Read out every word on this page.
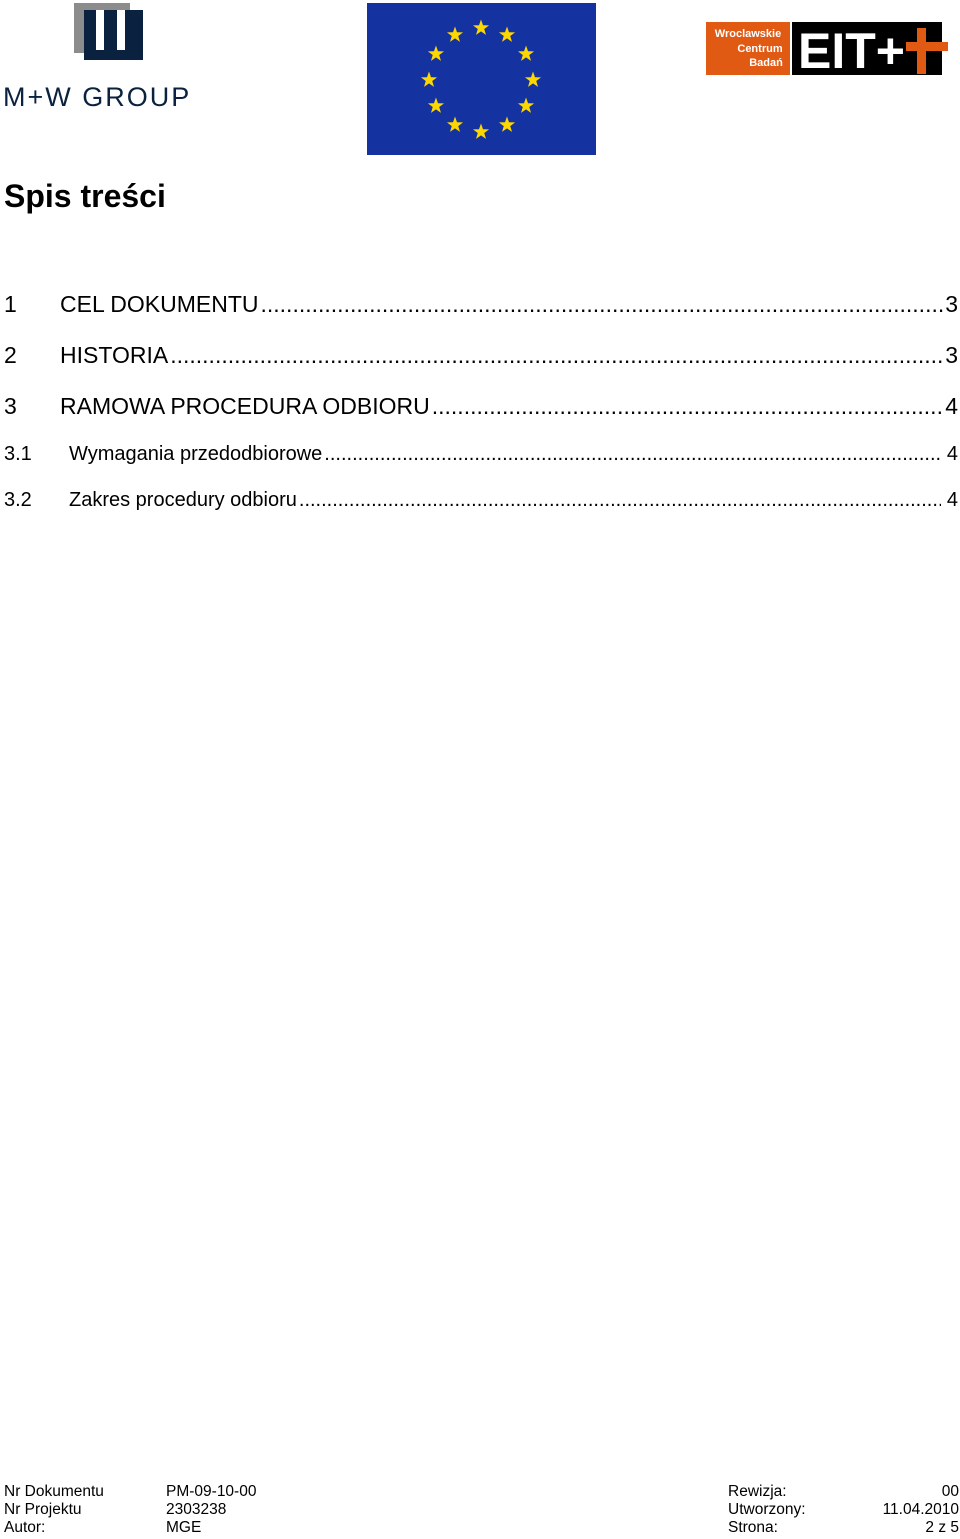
M+W GROUP
Wroclawskie
Centrum
Badań EIT+
Spis treści
1	CEL DOKUMENTU .....	3
2	HISTORIA .....	3
3	RAMOWA PROCEDURA ODBIORU .....	4
3.1	Wymagania przedodbiorowe .....	4
3.2	Zakres procedury odbioru .....	4
Nr Dokumentu	PM-09-10-00	Rewizja:	00
Nr Projektu	2303238	Utworzony:	11.04.2010
Autor:	MGE	Strona:	2 z 5
